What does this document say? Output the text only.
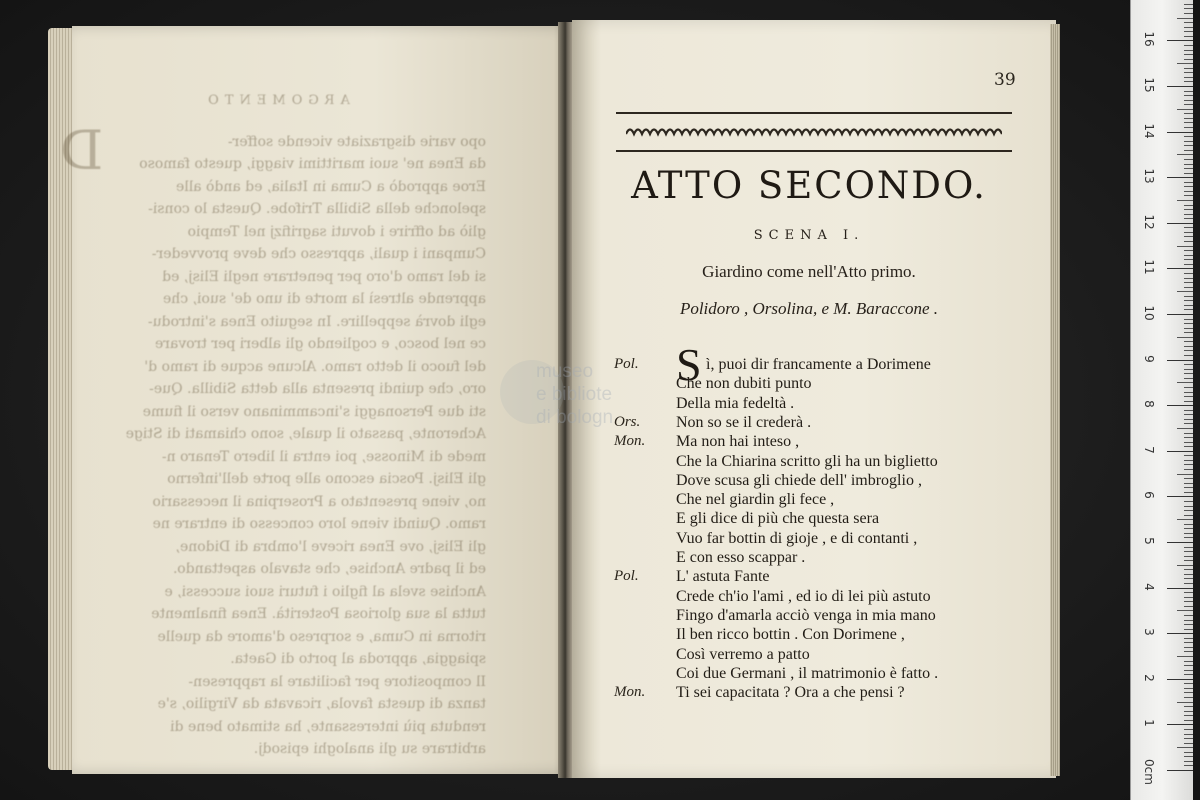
ARGOMENTO
D	opo varie disgraziate vicende soffer-
da Enea ne' suoi marittimi viaggi, questo famoso
Eroe approdò a Cuma in Italia, ed andò alle
spelonche della Sibilla Trifobe. Questa lo consi-
gliò ad offrire i dovuti sagrifizj nel Tempio
Cumpani i quali, appresso che deve provveder-
si del ramo d'oro per penetrare negli Elisj, ed
apprende altresì la morte di uno de' suoi, che
egli dovrà seppellire. In seguito Enea s'introdu-
ce nel bosco, e cogliendo gli alberi per trovare
del fuoco il detto ramo. Alcune acque di ramo d'
oro, che quindi presenta alla detta Sibilla. Que-
sti due Personaggi s'incamminano verso il fiume
Acheronte, passato il quale, sono chiamati di Stige
mede di Minosse, poi entra il libero Tenaro n-
gli Elisj. Poscia escono alle porte dell'inferno
no, viene presentato a Proserpina il necessario
ramo. Quindi viene loro concesso di entrare ne
gli Elisj, ove Enea riceve l'ombra di Didone,
ed il padre Anchise, che stavalo aspettando.
Anchise svela al figlio i futuri suoi successi, e
tutta la sua gloriosa Posterità. Enea finalmente
ritorna in Cuma, e sorpreso d'amore da quelle
spiaggia, approda al porto di Gaeta.
Il compositore per facilitare la rappresen-
tanza di questa favola, ricavata da Virgilio, s'e
renduta più interessante, ha stimato bene di
arbitrare su gli analoghi episodj.
39
ATTO SECONDO.
SCENA I.
Giardino come nell'Atto primo.
Polidoro , Orsolina, e M. Baraccone .
museo
e bibliote
di bologn
Pol. S ì, puoi dir francamente a Dorimene
Che non dubiti punto
Della mia fedeltà .
Ors. Non so se il crederà .
Mon. Ma non hai inteso ,
Che la Chiarina scritto gli ha un biglietto
Dove scusa gli chiede dell' imbroglio ,
Che nel giardin gli fece ,
E gli dice di più che questa sera
Vuo far bottin di gioje , e di contanti ,
E con esso scappar .
Pol. L' astuta Fante
Crede ch'io l'ami , ed io di lei più astuto
Fingo d'amarla acciò venga in mia mano
Il ben ricco bottin . Con Dorimene ,
Così verremo a patto
Coi due Germani , il matrimonio è fatto .
Mon. Ti sei capacitata ? Ora a che pensi ?
0cm
1
2
3
4
5
6
7
8
9
10
11
12
13
14
15
16
